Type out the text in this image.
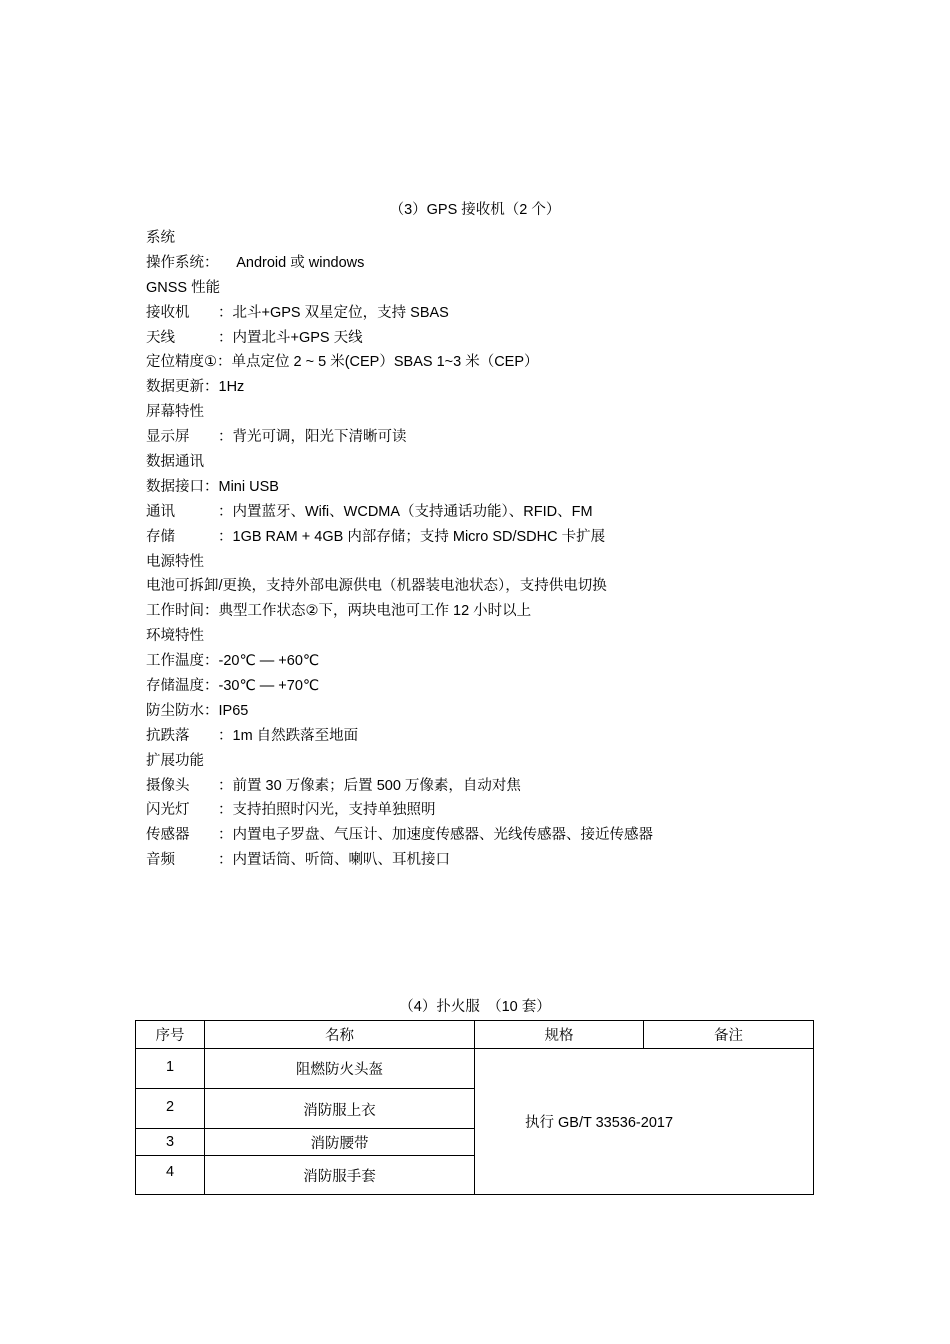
（3）GPS 接收机（2 个）
系统
操作系统：　 Android 或 windows
GNSS 性能
接收机 ：北斗+GPS 双星定位，支持 SBAS
天线	：内置北斗+GPS 天线
定位精度①：单点定位 2 ~ 5 米(CEP）SBAS 1~3 米（CEP）
数据更新：1Hz
屏幕特性
显示屏 ：背光可调，阳光下清晰可读
数据通讯
数据接口：Mini USB
通讯	：内置蓝牙、Wifi、WCDMA（支持通话功能）、RFID、FM
存储	：1GB RAM + 4GB 内部存储；支持 Micro SD/SDHC 卡扩展
电源特性
电池可拆卸/更换，支持外部电源供电（机器装电池状态），支持供电切换
工作时间：典型工作状态②下，两块电池可工作 12 小时以上
环境特性
工作温度：-20℃ — +60℃
存储温度：-30℃ — +70℃
防尘防水：IP65
抗跌落 ：1m 自然跌落至地面
扩展功能
摄像头 ：前置 30 万像素；后置 500 万像素，自动对焦
闪光灯 ：支持拍照时闪光，支持单独照明
传感器 ：内置电子罗盘、气压计、加速度传感器、光线传感器、接近传感器
音频	：内置话筒、听筒、喇叭、耳机接口
（4）扑火服　（10 套）
序号	名称	规格	备注
1	阻燃防火头盔	执行 GB/T 33536-2017	
2	消防服上衣		
3	消防腰带		
4	消防服手套		
